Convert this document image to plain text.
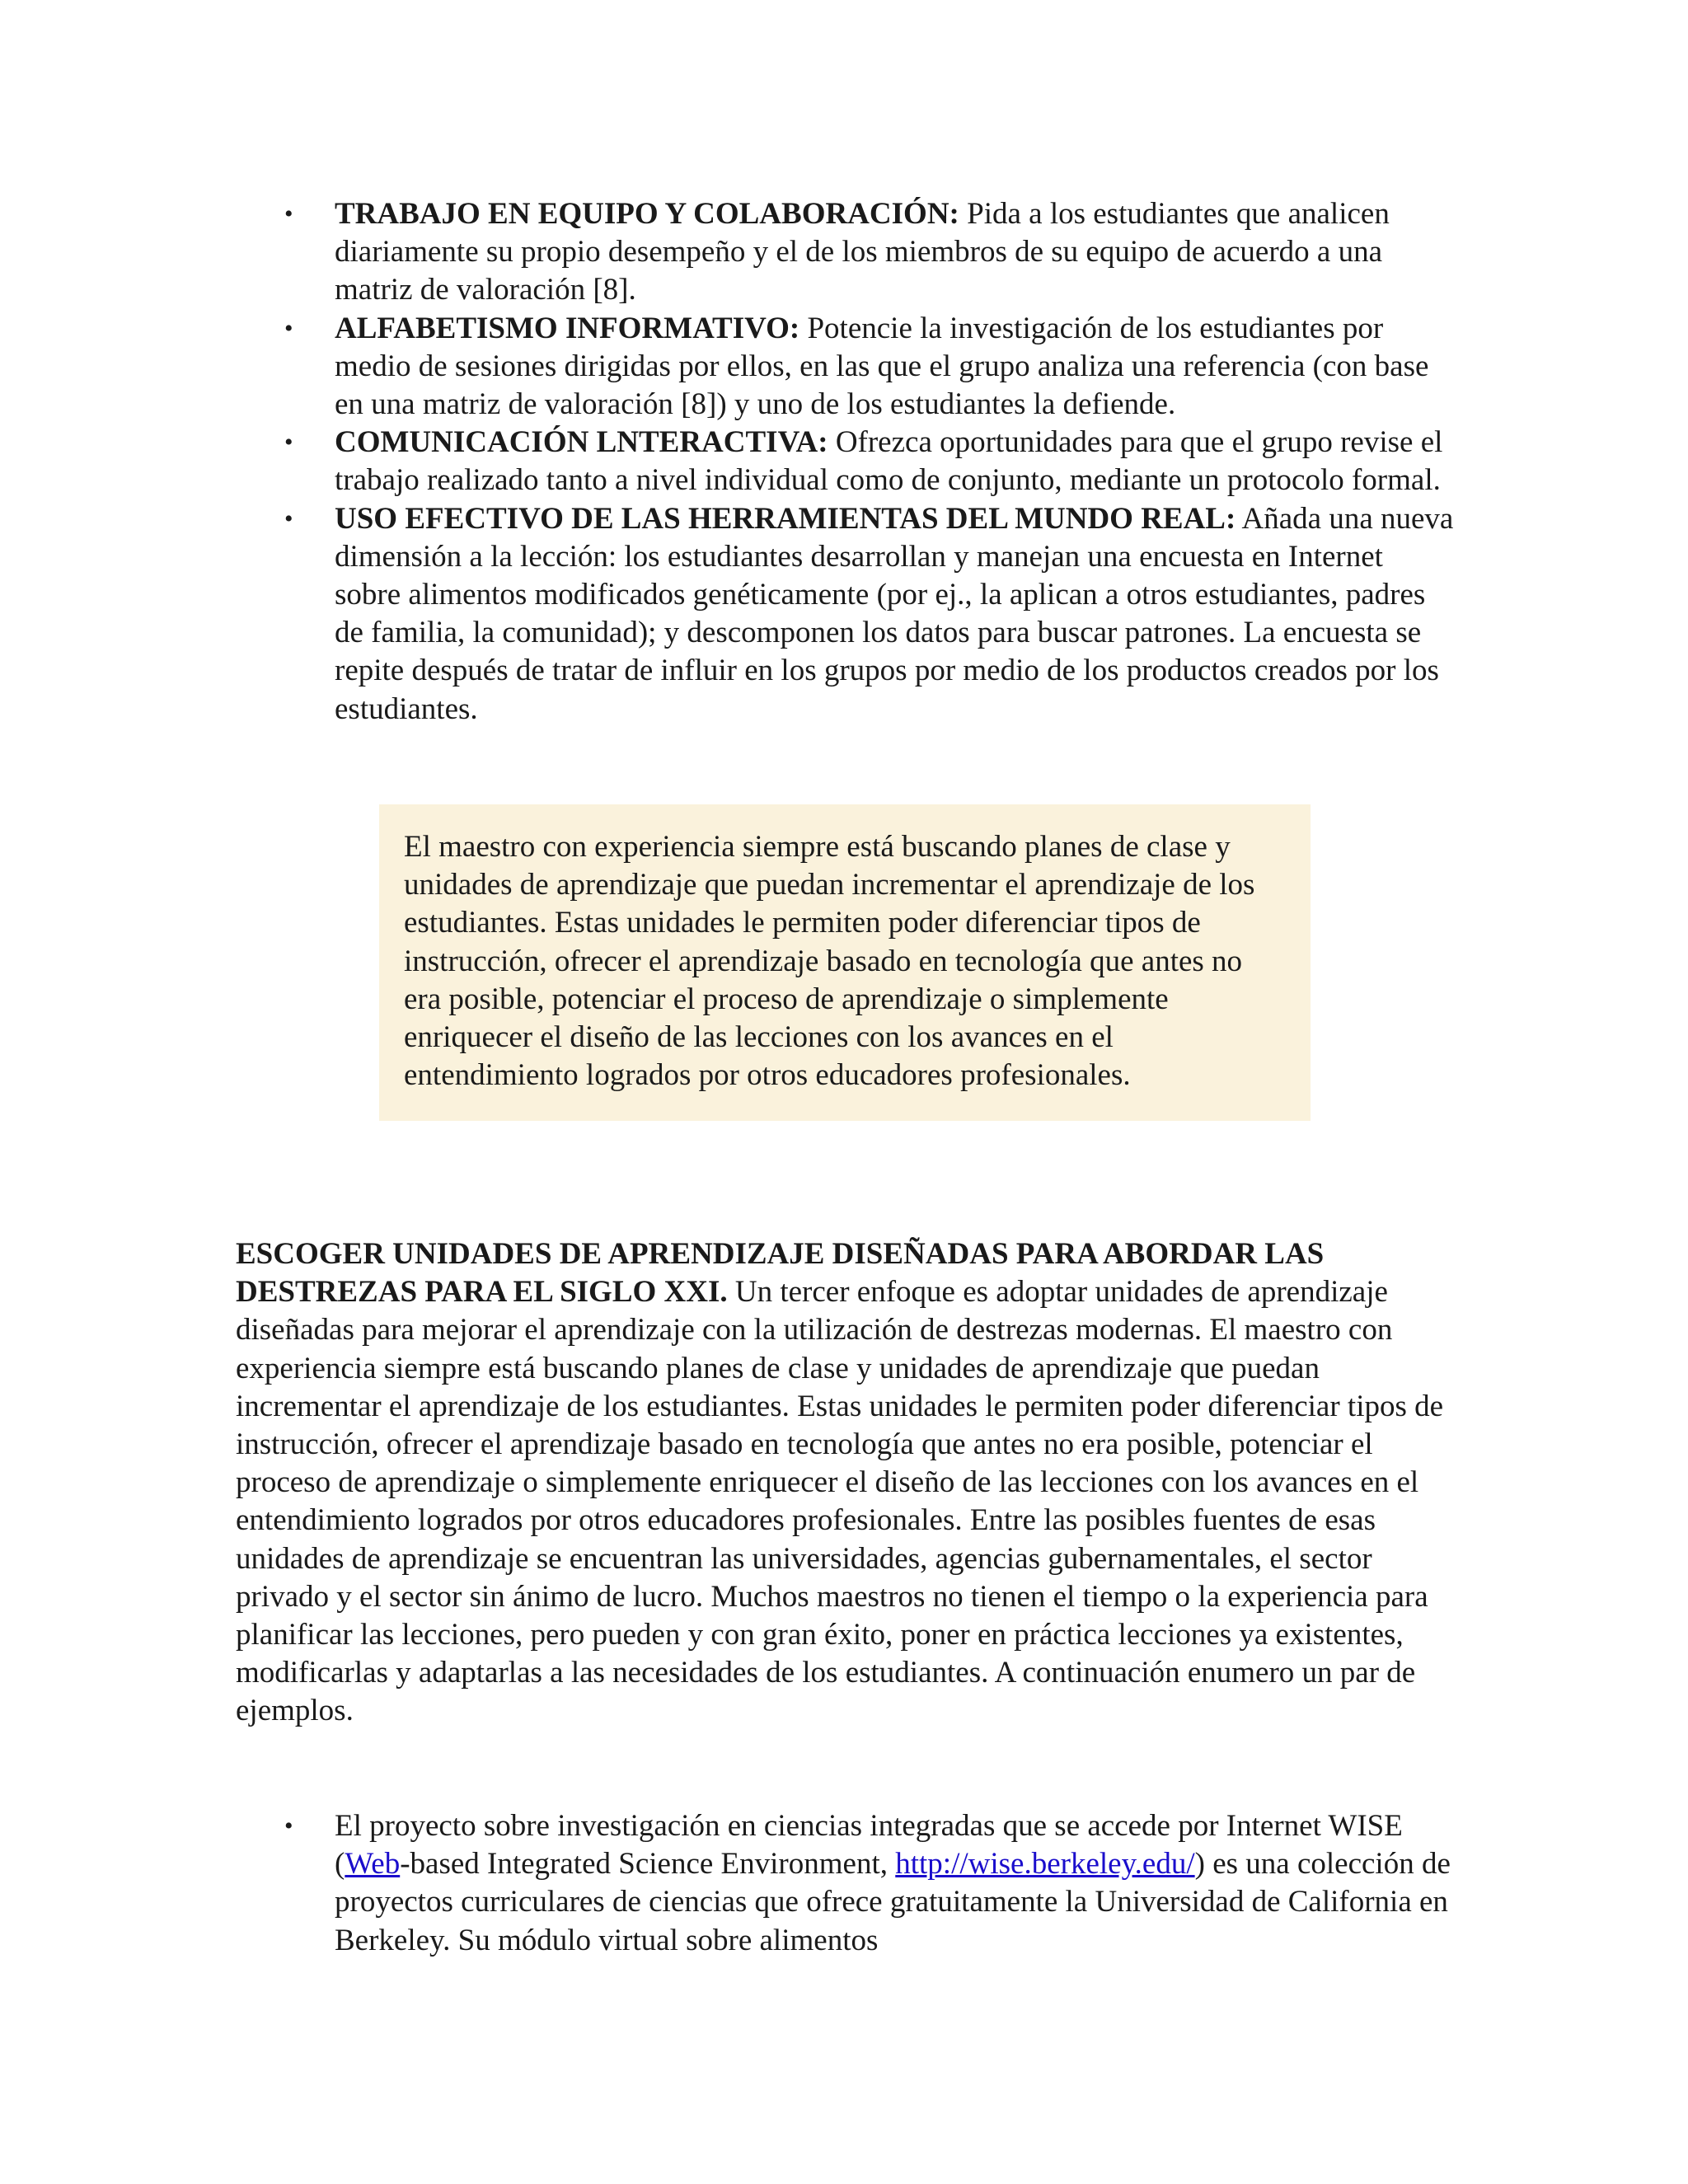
• TRABAJO EN EQUIPO Y COLABORACIÓN: Pida a los estudiantes que analicen diariamente su propio desempeño y el de los miembros de su equipo de acuerdo a una matriz de valoración [8].
• ALFABETISMO INFORMATIVO: Potencie la investigación de los estudiantes por medio de sesiones dirigidas por ellos, en las que el grupo analiza una referencia (con base en una matriz de valoración [8]) y uno de los estudiantes la defiende.
• COMUNICACIÓN LNTERACTIVA: Ofrezca oportunidades para que el grupo revise el trabajo realizado tanto a nivel individual como de conjunto, mediante un protocolo formal.
• USO EFECTIVO DE LAS HERRAMIENTAS DEL MUNDO REAL: Añada una nueva dimensión a la lección: los estudiantes desarrollan y manejan una encuesta en Internet sobre alimentos modificados genéticamente (por ej., la aplican a otros estudiantes, padres de familia, la comunidad); y descomponen los datos para buscar patrones. La encuesta se repite después de tratar de influir en los grupos por medio de los productos creados por los estudiantes.
El maestro con experiencia siempre está buscando planes de clase y unidades de aprendizaje que puedan incrementar el aprendizaje de los estudiantes. Estas unidades le permiten poder diferenciar tipos de instrucción, ofrecer el aprendizaje basado en tecnología que antes no era posible, potenciar el proceso de aprendizaje o simplemente enriquecer el diseño de las lecciones con los avances en el entendimiento logrados por otros educadores profesionales.

ESCOGER UNIDADES DE APRENDIZAJE DISEÑADAS PARA ABORDAR LAS DESTREZAS PARA EL SIGLO XXI. Un tercer enfoque es adoptar unidades de aprendizaje diseñadas para mejorar el aprendizaje con la utilización de destrezas modernas. El maestro con experiencia siempre está buscando planes de clase y unidades de aprendizaje que puedan incrementar el aprendizaje de los estudiantes. Estas unidades le permiten poder diferenciar tipos de instrucción, ofrecer el aprendizaje basado en tecnología que antes no era posible, potenciar el proceso de aprendizaje o simplemente enriquecer el diseño de las lecciones con los avances en el entendimiento logrados por otros educadores profesionales. Entre las posibles fuentes de esas unidades de aprendizaje se encuentran las universidades, agencias gubernamentales, el sector privado y el sector sin ánimo de lucro. Muchos maestros no tienen el tiempo o la experiencia para planificar las lecciones, pero pueden y con gran éxito, poner en práctica lecciones ya existentes, modificarlas y adaptarlas a las necesidades de los estudiantes. A continuación enumero un par de ejemplos.

• El proyecto sobre investigación en ciencias integradas que se accede por Internet WISE (Web-based Integrated Science Environment, http://wise.berkeley.edu/) es una colección de proyectos curriculares de ciencias que ofrece gratuitamente la Universidad de California en Berkeley. Su módulo virtual sobre alimentos
